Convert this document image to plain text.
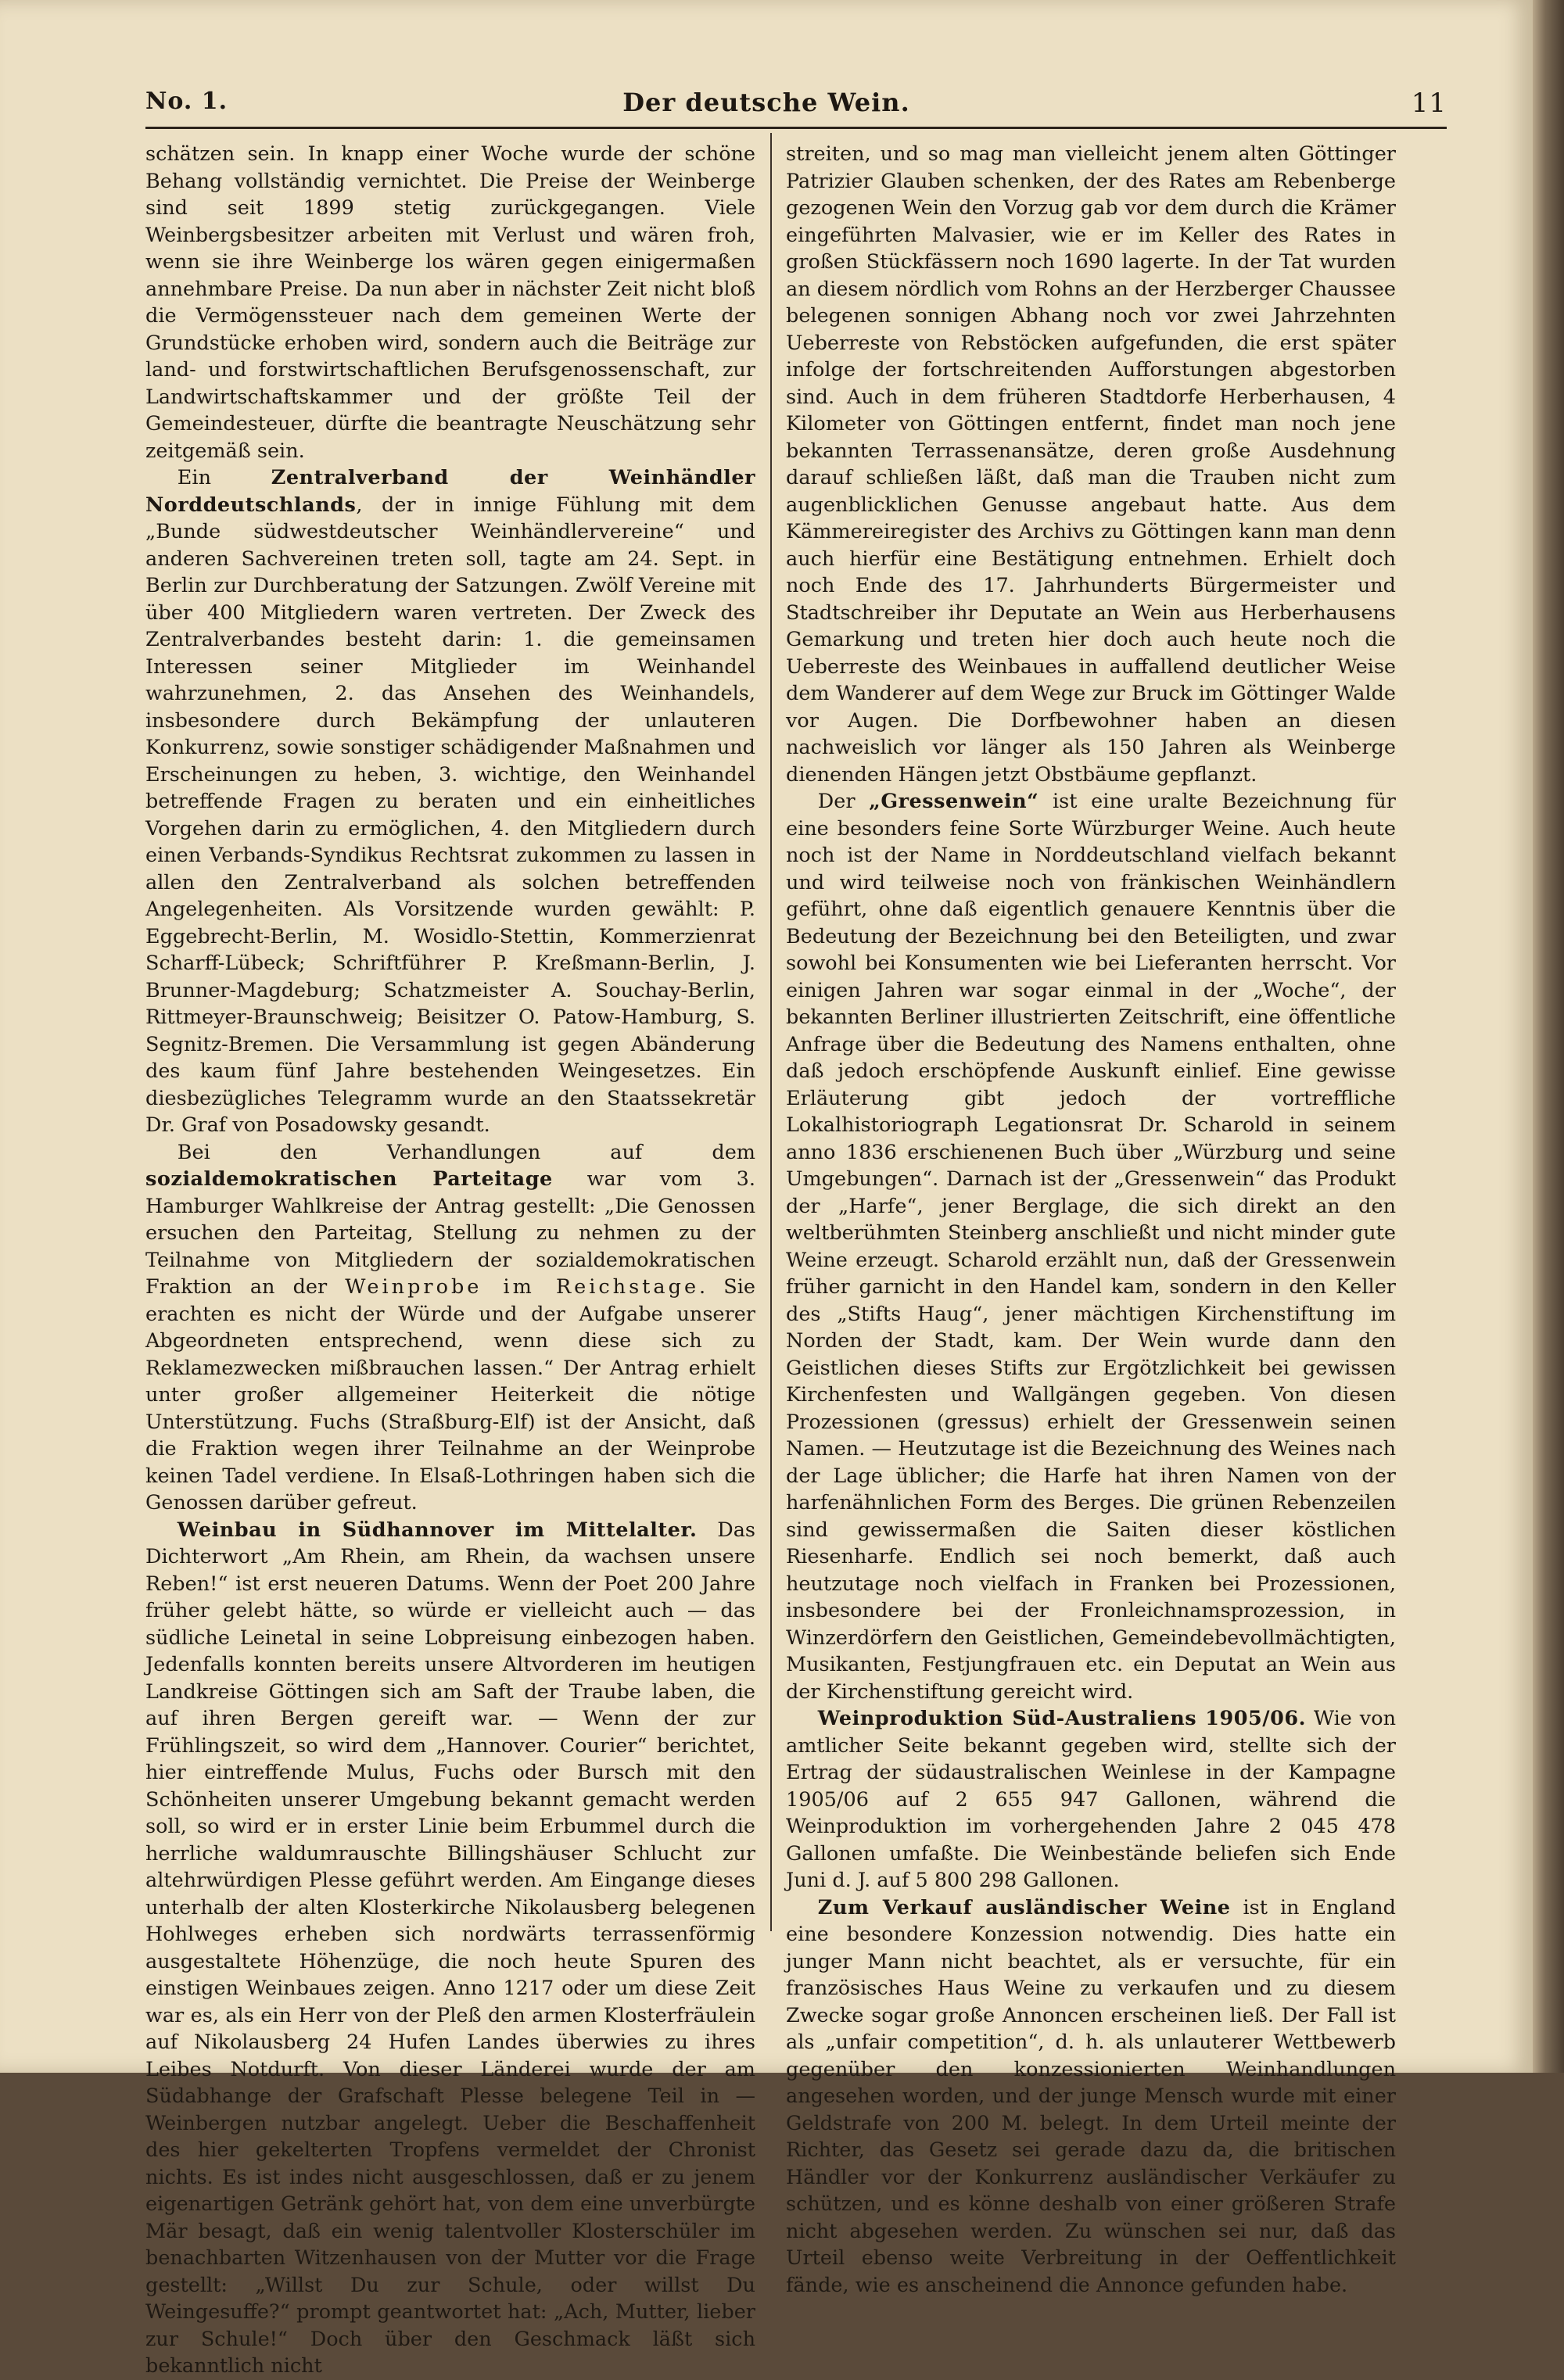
No. 1.	Der deutsche Wein.	11

schätzen sein. In knapp einer Woche wurde der schöne Behang vollständig vernichtet. Die Preise der Weinberge sind seit 1899 stetig zurückgegangen. Viele Weinbergsbesitzer arbeiten mit Verlust und wären froh, wenn sie ihre Weinberge los wären gegen einigermaßen annehmbare Preise. Da nun aber in nächster Zeit nicht bloß die Vermögenssteuer nach dem gemeinen Werte der Grundstücke erhoben wird, sondern auch die Beiträge zur land- und forstwirtschaftlichen Berufsgenossenschaft, zur Landwirtschaftskammer und der größte Teil der Gemeindesteuer, dürfte die beantragte Neuschätzung sehr zeitgemäß sein.

Ein Zentralverband der Weinhändler Norddeutschlands, der in innige Fühlung mit dem „Bunde südwestdeutscher Weinhändlervereine“ und anderen Sachvereinen treten soll, tagte am 24. Sept. in Berlin zur Durchberatung der Satzungen. Zwölf Vereine mit über 400 Mitgliedern waren vertreten. Der Zweck des Zentralverbandes besteht darin: 1. die gemeinsamen Interessen seiner Mitglieder im Weinhandel wahrzunehmen, 2. das Ansehen des Weinhandels, insbesondere durch Bekämpfung der unlauteren Konkurrenz, sowie sonstiger schädigender Maßnahmen und Erscheinungen zu heben, 3. wichtige, den Weinhandel betreffende Fragen zu beraten und ein einheitliches Vorgehen darin zu ermöglichen, 4. den Mitgliedern durch einen Verbands-Syndikus Rechtsrat zukommen zu lassen in allen den Zentralverband als solchen betreffenden Angelegenheiten. Als Vorsitzende wurden gewählt: P. Eggebrecht-Berlin, M. Wosidlo-Stettin, Kommerzienrat Scharff-Lübeck; Schriftführer P. Kreßmann-Berlin, J. Brunner-Magdeburg; Schatzmeister A. Souchay-Berlin, Rittmeyer-Braunschweig; Beisitzer O. Patow-Hamburg, S. Segnitz-Bremen. Die Versammlung ist gegen Abänderung des kaum fünf Jahre bestehenden Weingesetzes. Ein diesbezügliches Telegramm wurde an den Staatssekretär Dr. Graf von Posadowsky gesandt.

Bei den Verhandlungen auf dem sozialdemokratischen Parteitage war vom 3. Hamburger Wahlkreise der Antrag gestellt: „Die Genossen ersuchen den Parteitag, Stellung zu nehmen zu der Teilnahme von Mitgliedern der sozialdemokratischen Fraktion an der Weinprobe im Reichstage. Sie erachten es nicht der Würde und der Aufgabe unserer Abgeordneten entsprechend, wenn diese sich zu Reklamezwecken mißbrauchen lassen.“ Der Antrag erhielt unter großer allgemeiner Heiterkeit die nötige Unterstützung. Fuchs (Straßburg-Elf) ist der Ansicht, daß die Fraktion wegen ihrer Teilnahme an der Weinprobe keinen Tadel verdiene. In Elsaß-Lothringen haben sich die Genossen darüber gefreut.

Weinbau in Südhannover im Mittelalter. Das Dichterwort „Am Rhein, am Rhein, da wachsen unsere Reben!“ ist erst neueren Datums. Wenn der Poet 200 Jahre früher gelebt hätte, so würde er vielleicht auch — das südliche Leinetal in seine Lobpreisung einbezogen haben. Jedenfalls konnten bereits unsere Altvorderen im heutigen Landkreise Göttingen sich am Saft der Traube laben, die auf ihren Bergen gereift war. — Wenn der zur Frühlingszeit, so wird dem „Hannover. Courier“ berichtet, hier eintreffende Mulus, Fuchs oder Bursch mit den Schönheiten unserer Umgebung bekannt gemacht werden soll, so wird er in erster Linie beim Erbummel durch die herrliche waldumrauschte Billingshäuser Schlucht zur altehrwürdigen Plesse geführt werden. Am Eingange dieses unterhalb der alten Klosterkirche Nikolausberg belegenen Hohlweges erheben sich nordwärts terrassenförmig ausgestaltete Höhenzüge, die noch heute Spuren des einstigen Weinbaues zeigen. Anno 1217 oder um diese Zeit war es, als ein Herr von der Pleß den armen Klosterfräulein auf Nikolausberg 24 Hufen Landes überwies zu ihres Leibes Notdurft. Von dieser Länderei wurde der am Südabhange der Grafschaft Plesse belegene Teil in — Weinbergen nutzbar angelegt. Ueber die Beschaffenheit des hier gekelterten Tropfens vermeldet der Chronist nichts. Es ist indes nicht ausgeschlossen, daß er zu jenem eigenartigen Getränk gehört hat, von dem eine unverbürgte Mär besagt, daß ein wenig talentvoller Klosterschüler im benachbarten Witzenhausen von der Mutter vor die Frage gestellt: „Willst Du zur Schule, oder willst Du Weingesuffe?“ prompt geantwortet hat: „Ach, Mutter, lieber zur Schule!“ Doch über den Geschmack läßt sich bekanntlich nicht

streiten, und so mag man vielleicht jenem alten Göttinger Patrizier Glauben schenken, der des Rates am Rebenberge gezogenen Wein den Vorzug gab vor dem durch die Krämer eingeführten Malvasier, wie er im Keller des Rates in großen Stückfässern noch 1690 lagerte. In der Tat wurden an diesem nördlich vom Rohns an der Herzberger Chaussee belegenen sonnigen Abhang noch vor zwei Jahrzehnten Ueberreste von Rebstöcken aufgefunden, die erst später infolge der fortschreitenden Aufforstungen abgestorben sind. Auch in dem früheren Stadtdorfe Herberhausen, 4 Kilometer von Göttingen entfernt, findet man noch jene bekannten Terrassenansätze, deren große Ausdehnung darauf schließen läßt, daß man die Trauben nicht zum augenblicklichen Genusse angebaut hatte. Aus dem Kämmereiregister des Archivs zu Göttingen kann man denn auch hierfür eine Bestätigung entnehmen. Erhielt doch noch Ende des 17. Jahrhunderts Bürgermeister und Stadtschreiber ihr Deputate an Wein aus Herberhausens Gemarkung und treten hier doch auch heute noch die Ueberreste des Weinbaues in auffallend deutlicher Weise dem Wanderer auf dem Wege zur Bruck im Göttinger Walde vor Augen. Die Dorfbewohner haben an diesen nachweislich vor länger als 150 Jahren als Weinberge dienenden Hängen jetzt Obstbäume gepflanzt.

Der „Gressenwein“ ist eine uralte Bezeichnung für eine besonders feine Sorte Würzburger Weine. Auch heute noch ist der Name in Norddeutschland vielfach bekannt und wird teilweise noch von fränkischen Weinhändlern geführt, ohne daß eigentlich genauere Kenntnis über die Bedeutung der Bezeichnung bei den Beteiligten, und zwar sowohl bei Konsumenten wie bei Lieferanten herrscht. Vor einigen Jahren war sogar einmal in der „Woche“, der bekannten Berliner illustrierten Zeitschrift, eine öffentliche Anfrage über die Bedeutung des Namens enthalten, ohne daß jedoch erschöpfende Auskunft einlief. Eine gewisse Erläuterung gibt jedoch der vortreffliche Lokalhistoriograph Legationsrat Dr. Scharold in seinem anno 1836 erschienenen Buch über „Würzburg und seine Umgebungen“. Darnach ist der „Gressenwein“ das Produkt der „Harfe“, jener Berglage, die sich direkt an den weltberühmten Steinberg anschließt und nicht minder gute Weine erzeugt. Scharold erzählt nun, daß der Gressenwein früher garnicht in den Handel kam, sondern in den Keller des „Stifts Haug“, jener mächtigen Kirchenstiftung im Norden der Stadt, kam. Der Wein wurde dann den Geistlichen dieses Stifts zur Ergötzlichkeit bei gewissen Kirchenfesten und Wallgängen gegeben. Von diesen Prozessionen (gressus) erhielt der Gressenwein seinen Namen. — Heutzutage ist die Bezeichnung des Weines nach der Lage üblicher; die Harfe hat ihren Namen von der harfenähnlichen Form des Berges. Die grünen Rebenzeilen sind gewissermaßen die Saiten dieser köstlichen Riesenharfe. Endlich sei noch bemerkt, daß auch heutzutage noch vielfach in Franken bei Prozessionen, insbesondere bei der Fronleichnamsprozession, in Winzerdörfern den Geistlichen, Gemeindebevollmächtigten, Musikanten, Festjungfrauen etc. ein Deputat an Wein aus der Kirchenstiftung gereicht wird.

Weinproduktion Süd-Australiens 1905/06. Wie von amtlicher Seite bekannt gegeben wird, stellte sich der Ertrag der südaustralischen Weinlese in der Kampagne 1905/06 auf 2 655 947 Gallonen, während die Weinproduktion im vorhergehenden Jahre 2 045 478 Gallonen umfaßte. Die Weinbestände beliefen sich Ende Juni d. J. auf 5 800 298 Gallonen.

Zum Verkauf ausländischer Weine ist in England eine besondere Konzession notwendig. Dies hatte ein junger Mann nicht beachtet, als er versuchte, für ein französisches Haus Weine zu verkaufen und zu diesem Zwecke sogar große Annoncen erscheinen ließ. Der Fall ist als „unfair competition“, d. h. als unlauterer Wettbewerb gegenüber den konzessionierten Weinhandlungen angesehen worden, und der junge Mensch wurde mit einer Geldstrafe von 200 M. belegt. In dem Urteil meinte der Richter, das Gesetz sei gerade dazu da, die britischen Händler vor der Konkurrenz ausländischer Verkäufer zu schützen, und es könne deshalb von einer größeren Strafe nicht abgesehen werden. Zu wünschen sei nur, daß das Urteil ebenso weite Verbreitung in der Oeffentlichkeit fände, wie es anscheinend die Annonce gefunden habe.
